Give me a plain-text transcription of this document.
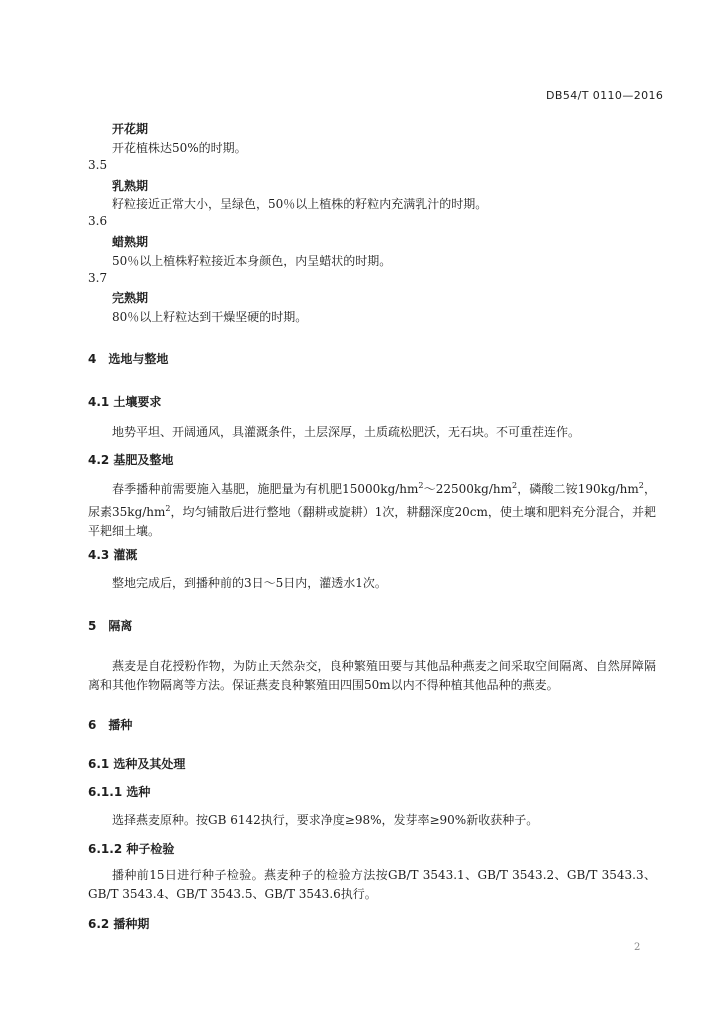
DB54/T 0110—2016
开花期
开花植株达50%的时期。
3.5
乳熟期
籽粒接近正常大小，呈绿色，50％以上植株的籽粒内充满乳汁的时期。
3.6
蜡熟期
50％以上植株籽粒接近本身颜色，内呈蜡状的时期。
3.7
完熟期
80％以上籽粒达到干燥坚硬的时期。
4　选地与整地
4.1 土壤要求
地势平坦、开阔通风，具灌溉条件，土层深厚，土质疏松肥沃，无石块。不可重茬连作。
4.2 基肥及整地
春季播种前需要施入基肥，施肥量为有机肥$15000kg/hm^2\sim 22500kg/hm^2$，磷酸二铵$190kg/hm^2$，尿素$35kg/hm^2$，均匀铺散后进行整地（翻耕或旋耕）1次，耕翻深度20cm，使土壤和肥料充分混合，并耙平耙细土壤。
4.3 灌溉
整地完成后，到播种前的3日～5日内，灌透水1次。
5　隔离
燕麦是自花授粉作物，为防止天然杂交，良种繁殖田要与其他品种燕麦之间采取空间隔离、自然屏障隔离和其他作物隔离等方法。保证燕麦良种繁殖田四围50m以内不得种植其他品种的燕麦。
6　播种
6.1 选种及其处理
6.1.1 选种
选择燕麦原种。按GB 6142执行，要求净度≥98%，发芽率≥90%新收获种子。
6.1.2 种子检验
播种前15日进行种子检验。燕麦种子的检验方法按GB/T 3543.1、GB/T 3543.2、GB/T 3543.3、GB/T 3543.4、GB/T 3543.5、GB/T 3543.6执行。
6.2 播种期
2
